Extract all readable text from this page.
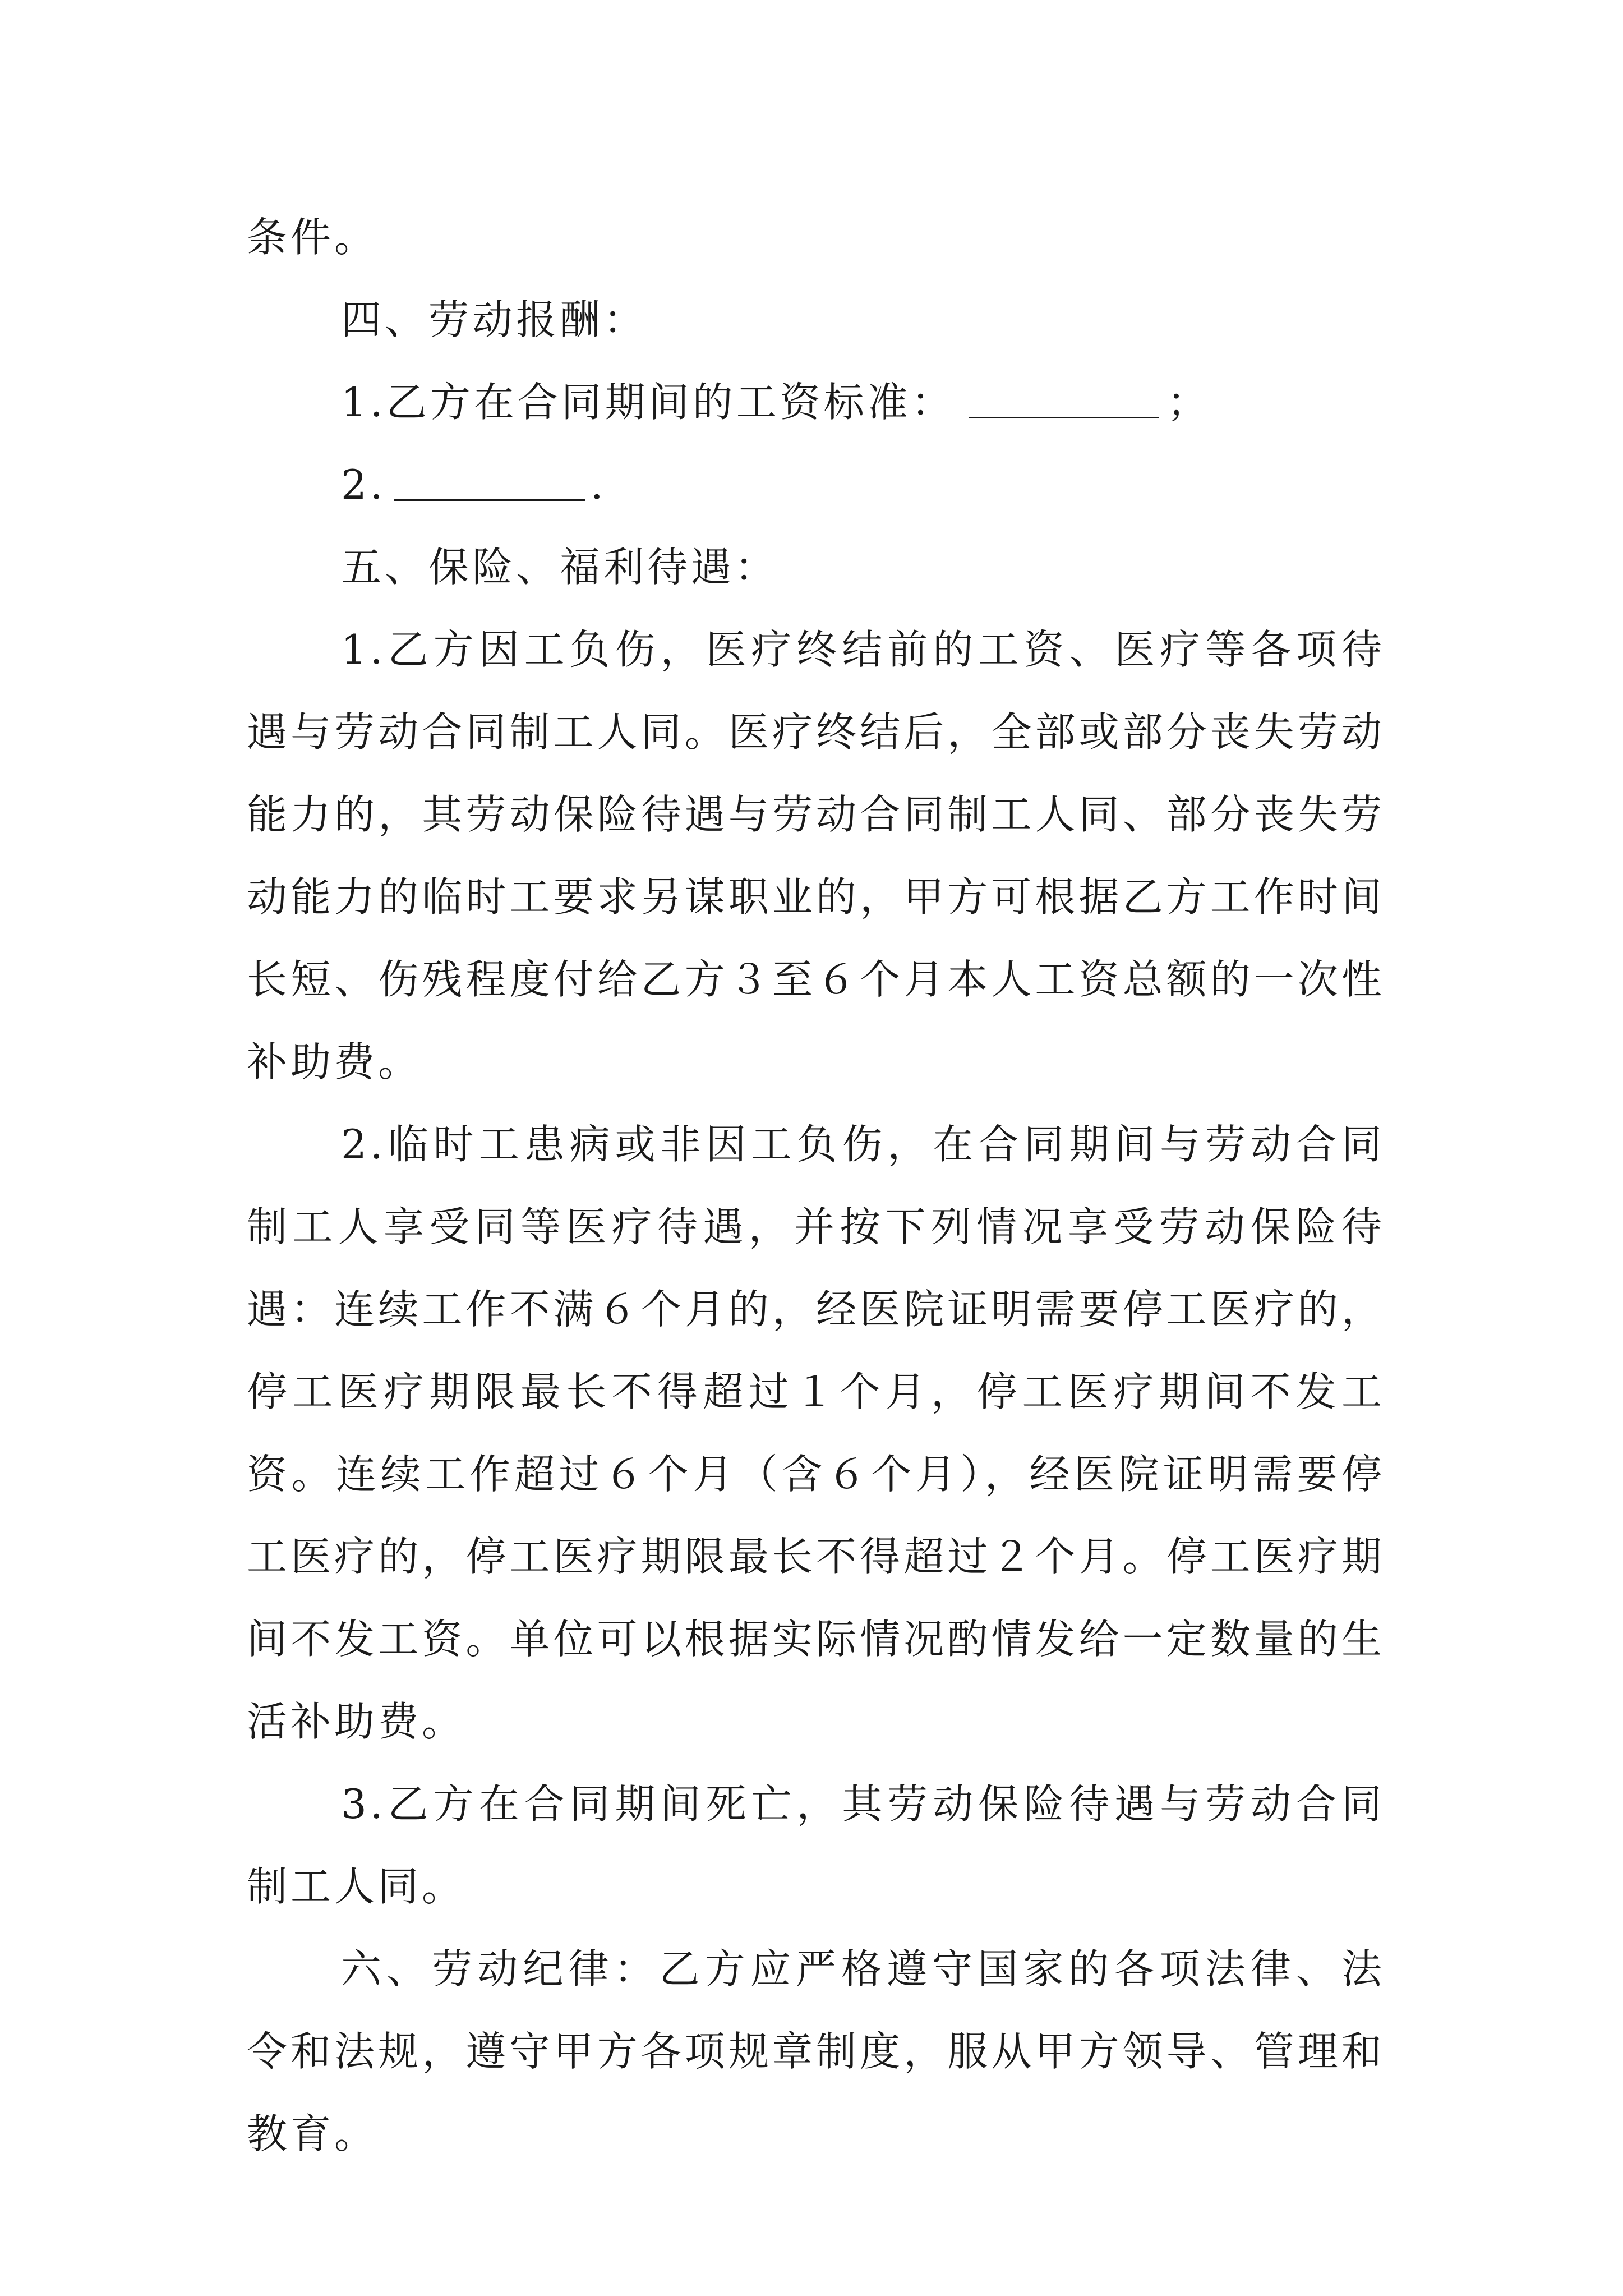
条件。

四、劳动报酬：

1.乙方在合同期间的工资标准：	；

2.	.

五、保险、福利待遇：

1.乙方因工负伤，医疗终结前的工资、医疗等各项待遇与劳动合同制工人同。医疗终结后，全部或部分丧失劳动能力的，其劳动保险待遇与劳动合同制工人同、部分丧失劳动能力的临时工要求另谋职业的，甲方可根据乙方工作时间长短、伤残程度付给乙方３至６个月本人工资总额的一次性补助费。

2.临时工患病或非因工负伤，在合同期间与劳动合同制工人享受同等医疗待遇，并按下列情况享受劳动保险待遇：连续工作不满６个月的，经医院证明需要停工医疗的，停工医疗期限最长不得超过１个月，停工医疗期间不发工资。连续工作超过６个月（含６个月），经医院证明需要停工医疗的，停工医疗期限最长不得超过２个月。停工医疗期间不发工资。单位可以根据实际情况酌情发给一定数量的生活补助费。

3.乙方在合同期间死亡，其劳动保险待遇与劳动合同制工人同。

六、劳动纪律：乙方应严格遵守国家的各项法律、法令和法规，遵守甲方各项规章制度，服从甲方领导、管理和教育。
